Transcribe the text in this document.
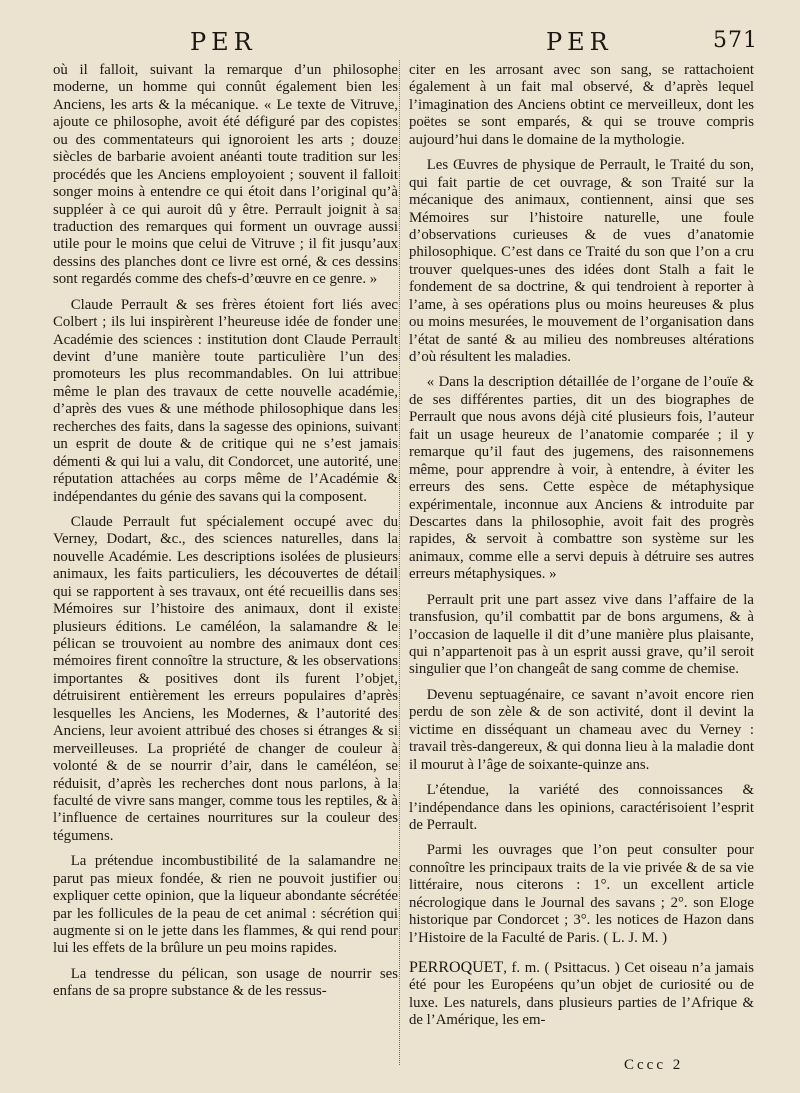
PER	PER	571

où il falloit, suivant la remarque d’un philosophe moderne, un homme qui connût également bien les Anciens, les arts & la mécanique. « Le texte de Vitruve, ajoute ce philosophe, avoit été défiguré par des copistes ou des commentateurs qui ignoroient les arts ; douze siècles de barbarie avoient anéanti toute tradition sur les procédés que les Anciens employoient ; souvent il falloit songer moins à entendre ce qui étoit dans l’original qu’à suppléer à ce qui auroit dû y être. Perrault joignit à sa traduction des remarques qui forment un ouvrage aussi utile pour le moins que celui de Vitruve ; il fit jusqu’aux dessins des planches dont ce livre est orné, & ces dessins sont regardés comme des chefs-d’œuvre en ce genre. »

Claude Perrault & ses frères étoient fort liés avec Colbert ; ils lui inspirèrent l’heureuse idée de fonder une Académie des sciences : institution dont Claude Perrault devint d’une manière toute particulière l’un des promoteurs les plus recommandables. On lui attribue même le plan des travaux de cette nouvelle académie, d’après des vues & une méthode philosophique dans les recherches des faits, dans la sagesse des opinions, suivant un esprit de doute & de critique qui ne s’est jamais démenti & qui lui a valu, dit Condorcet, une autorité, une réputation attachées au corps même de l’Académie & indépendantes du génie des savans qui la composent.

Claude Perrault fut spécialement occupé avec du Verney, Dodart, &c., des sciences naturelles, dans la nouvelle Académie. Les descriptions isolées de plusieurs animaux, les faits particuliers, les découvertes de détail qui se rapportent à ses travaux, ont été recueillis dans ses Mémoires sur l’histoire des animaux, dont il existe plusieurs éditions. Le caméléon, la salamandre & le pélican se trouvoient au nombre des animaux dont ces mémoires firent connoître la structure, & les observations importantes & positives dont ils furent l’objet, détruisirent entièrement les erreurs populaires d’après lesquelles les Anciens, les Modernes, & l’autorité des Anciens, leur avoient attribué des choses si étranges & si merveilleuses. La propriété de changer de couleur à volonté & de se nourrir d’air, dans le caméléon, se réduisit, d’après les recherches dont nous parlons, à la faculté de vivre sans manger, comme tous les reptiles, & à l’influence de certaines nourritures sur la couleur des tégumens.

La prétendue incombustibilité de la salamandre ne parut pas mieux fondée, & rien ne pouvoit justifier ou expliquer cette opinion, que la liqueur abondante sécrétée par les follicules de la peau de cet animal : sécrétion qui augmente si on le jette dans les flammes, & qui rend pour lui les effets de la brûlure un peu moins rapides.

La tendresse du pélican, son usage de nourrir ses enfans de sa propre substance & de les ressus-

citer en les arrosant avec son sang, se rattachoient également à un fait mal observé, & d’après lequel l’imagination des Anciens obtint ce merveilleux, dont les poëtes se sont emparés, & qui se trouve compris aujourd’hui dans le domaine de la mythologie.

Les Œuvres de physique de Perrault, le Traité du son, qui fait partie de cet ouvrage, & son Traité sur la mécanique des animaux, contiennent, ainsi que ses Mémoires sur l’histoire naturelle, une foule d’observations curieuses & de vues d’anatomie philosophique. C’est dans ce Traité du son que l’on a cru trouver quelques-unes des idées dont Stalh a fait le fondement de sa doctrine, & qui tendroient à reporter à l’ame, à ses opérations plus ou moins heureuses & plus ou moins mesurées, le mouvement de l’organisation dans l’état de santé & au milieu des nombreuses altérations d’où résultent les maladies.

« Dans la description détaillée de l’organe de l’ouïe & de ses différentes parties, dit un des biographes de Perrault que nous avons déjà cité plusieurs fois, l’auteur fait un usage heureux de l’anatomie comparée ; il y remarque qu’il faut des jugemens, des raisonnemens même, pour apprendre à voir, à entendre, à éviter les erreurs des sens. Cette espèce de métaphysique expérimentale, inconnue aux Anciens & introduite par Descartes dans la philosophie, avoit fait des progrès rapides, & servoit à combattre son système sur les animaux, comme elle a servi depuis à détruire ses autres erreurs métaphysiques. »

Perrault prit une part assez vive dans l’affaire de la transfusion, qu’il combattit par de bons argumens, & à l’occasion de laquelle il dit d’une manière plus plaisante, qui n’appartenoit pas à un esprit aussi grave, qu’il seroit singulier que l’on changeât de sang comme de chemise.

Devenu septuagénaire, ce savant n’avoit encore rien perdu de son zèle & de son activité, dont il devint la victime en disséquant un chameau avec du Verney : travail très-dangereux, & qui donna lieu à la maladie dont il mourut à l’âge de soixante-quinze ans.

L’étendue, la variété des connoissances & l’indépendance dans les opinions, caractérisoient l’esprit de Perrault.

Parmi les ouvrages que l’on peut consulter pour connoître les principaux traits de la vie privée & de sa vie littéraire, nous citerons : 1°. un excellent article nécrologique dans le Journal des savans ; 2°. son Eloge historique par Condorcet ; 3°. les notices de Hazon dans l’Histoire de la Faculté de Paris. ( L. J. M. )

PERROQUET, f. m. ( Psittacus. ) Cet oiseau n’a jamais été pour les Européens qu’un objet de curiosité ou de luxe. Les naturels, dans plusieurs parties de l’Afrique & de l’Amérique, les em-

Cccc 2
